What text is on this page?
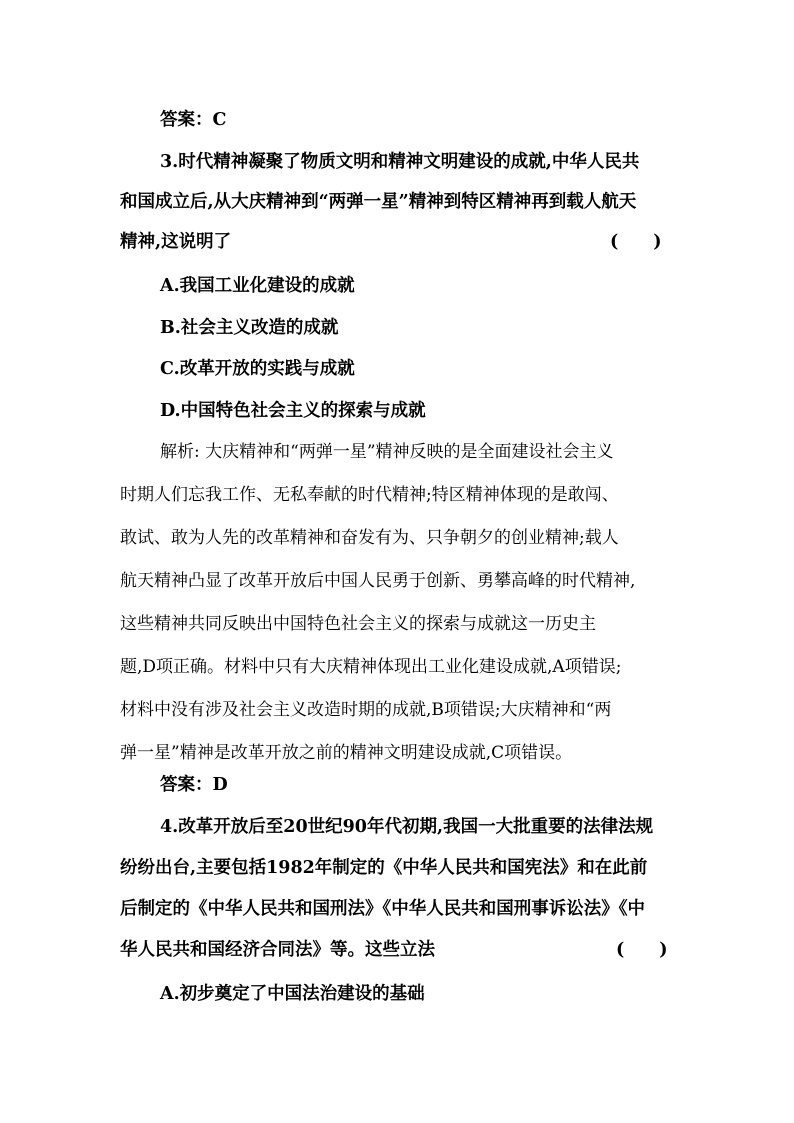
答案：C
3.时代精神凝聚了物质文明和精神文明建设的成就,中华人民共
和国成立后,从大庆精神到“两弹一星”精神到特区精神再到载人航天
精神,这说明了	(　　)
A.我国工业化建设的成就
B.社会主义改造的成就
C.改革开放的实践与成就
D.中国特色社会主义的探索与成就
解析: 大庆精神和“两弹一星”精神反映的是全面建设社会主义
时期人们忘我工作、无私奉献的时代精神;特区精神体现的是敢闯、
敢试、敢为人先的改革精神和奋发有为、只争朝夕的创业精神;载人
航天精神凸显了改革开放后中国人民勇于创新、勇攀高峰的时代精神,
这些精神共同反映出中国特色社会主义的探索与成就这一历史主
题,D项正确。材料中只有大庆精神体现出工业化建设成就,A项错误;
材料中没有涉及社会主义改造时期的成就,B项错误;大庆精神和“两
弹一星”精神是改革开放之前的精神文明建设成就,C项错误。
答案：D
4.改革开放后至20世纪90年代初期,我国一大批重要的法律法规
纷纷出台,主要包括1982年制定的《中华人民共和国宪法》和在此前
后制定的《中华人民共和国刑法》《中华人民共和国刑事诉讼法》《中
华人民共和国经济合同法》等。这些立法	(　　)
A.初步奠定了中国法治建设的基础
